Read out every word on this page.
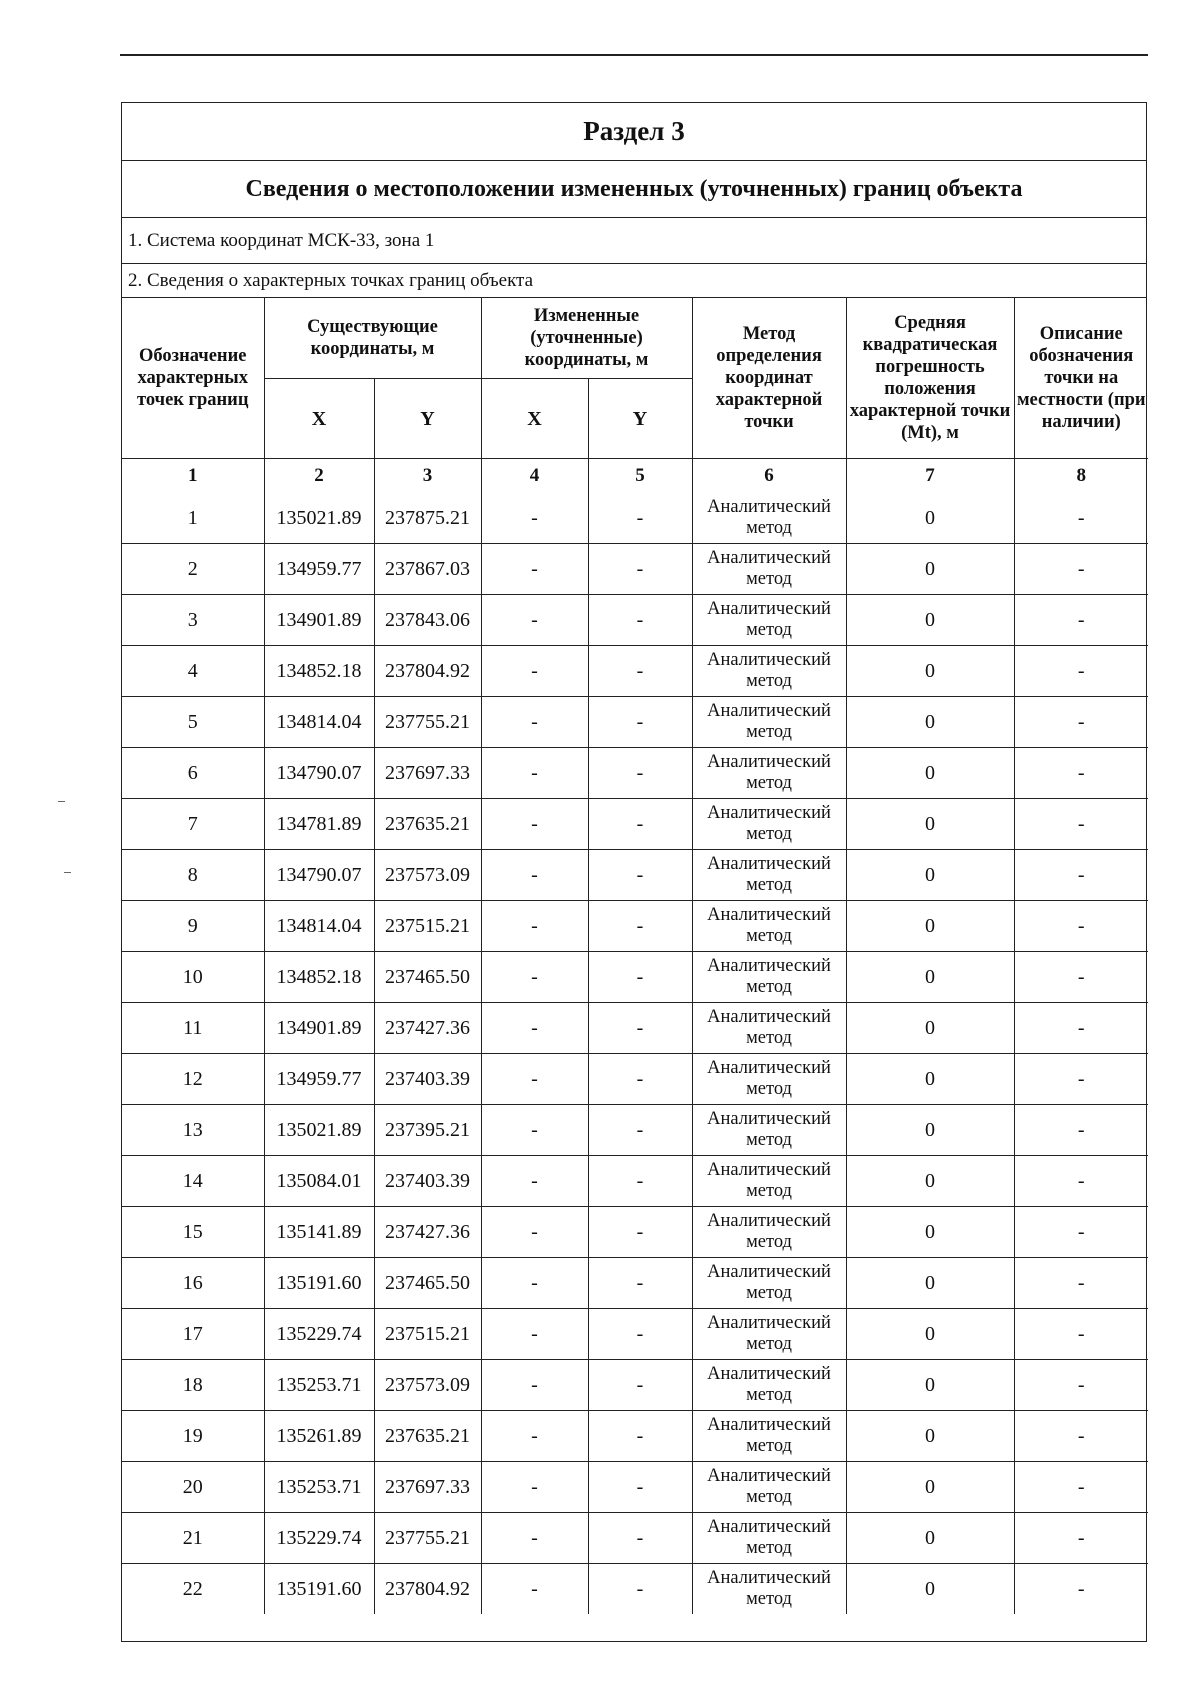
Раздел 3
Сведения о местоположении измененных (уточненных) границ объекта
1. Система координат МСК-33, зона 1
2. Сведения о характерных точках границ объекта
Обозначение характерных точек границ	Существующие координаты, м		Измененные (уточненные) координаты, м		Метод определения координат характерной точки	Средняя квадратическая погрешность положения характерной точки (Mt), м	Описание обозначения точки на местности (при наличии)
	X	Y	X	Y			
1	2	3	4	5	6	7	8
1	135021.89	237875.21	-	-	Аналитический метод	0	-
2	134959.77	237867.03	-	-	Аналитический метод	0	-
3	134901.89	237843.06	-	-	Аналитический метод	0	-
4	134852.18	237804.92	-	-	Аналитический метод	0	-
5	134814.04	237755.21	-	-	Аналитический метод	0	-
6	134790.07	237697.33	-	-	Аналитический метод	0	-
7	134781.89	237635.21	-	-	Аналитический метод	0	-
8	134790.07	237573.09	-	-	Аналитический метод	0	-
9	134814.04	237515.21	-	-	Аналитический метод	0	-
10	134852.18	237465.50	-	-	Аналитический метод	0	-
11	134901.89	237427.36	-	-	Аналитический метод	0	-
12	134959.77	237403.39	-	-	Аналитический метод	0	-
13	135021.89	237395.21	-	-	Аналитический метод	0	-
14	135084.01	237403.39	-	-	Аналитический метод	0	-
15	135141.89	237427.36	-	-	Аналитический метод	0	-
16	135191.60	237465.50	-	-	Аналитический метод	0	-
17	135229.74	237515.21	-	-	Аналитический метод	0	-
18	135253.71	237573.09	-	-	Аналитический метод	0	-
19	135261.89	237635.21	-	-	Аналитический метод	0	-
20	135253.71	237697.33	-	-	Аналитический метод	0	-
21	135229.74	237755.21	-	-	Аналитический метод	0	-
22	135191.60	237804.92	-	-	Аналитический метод	0	-
